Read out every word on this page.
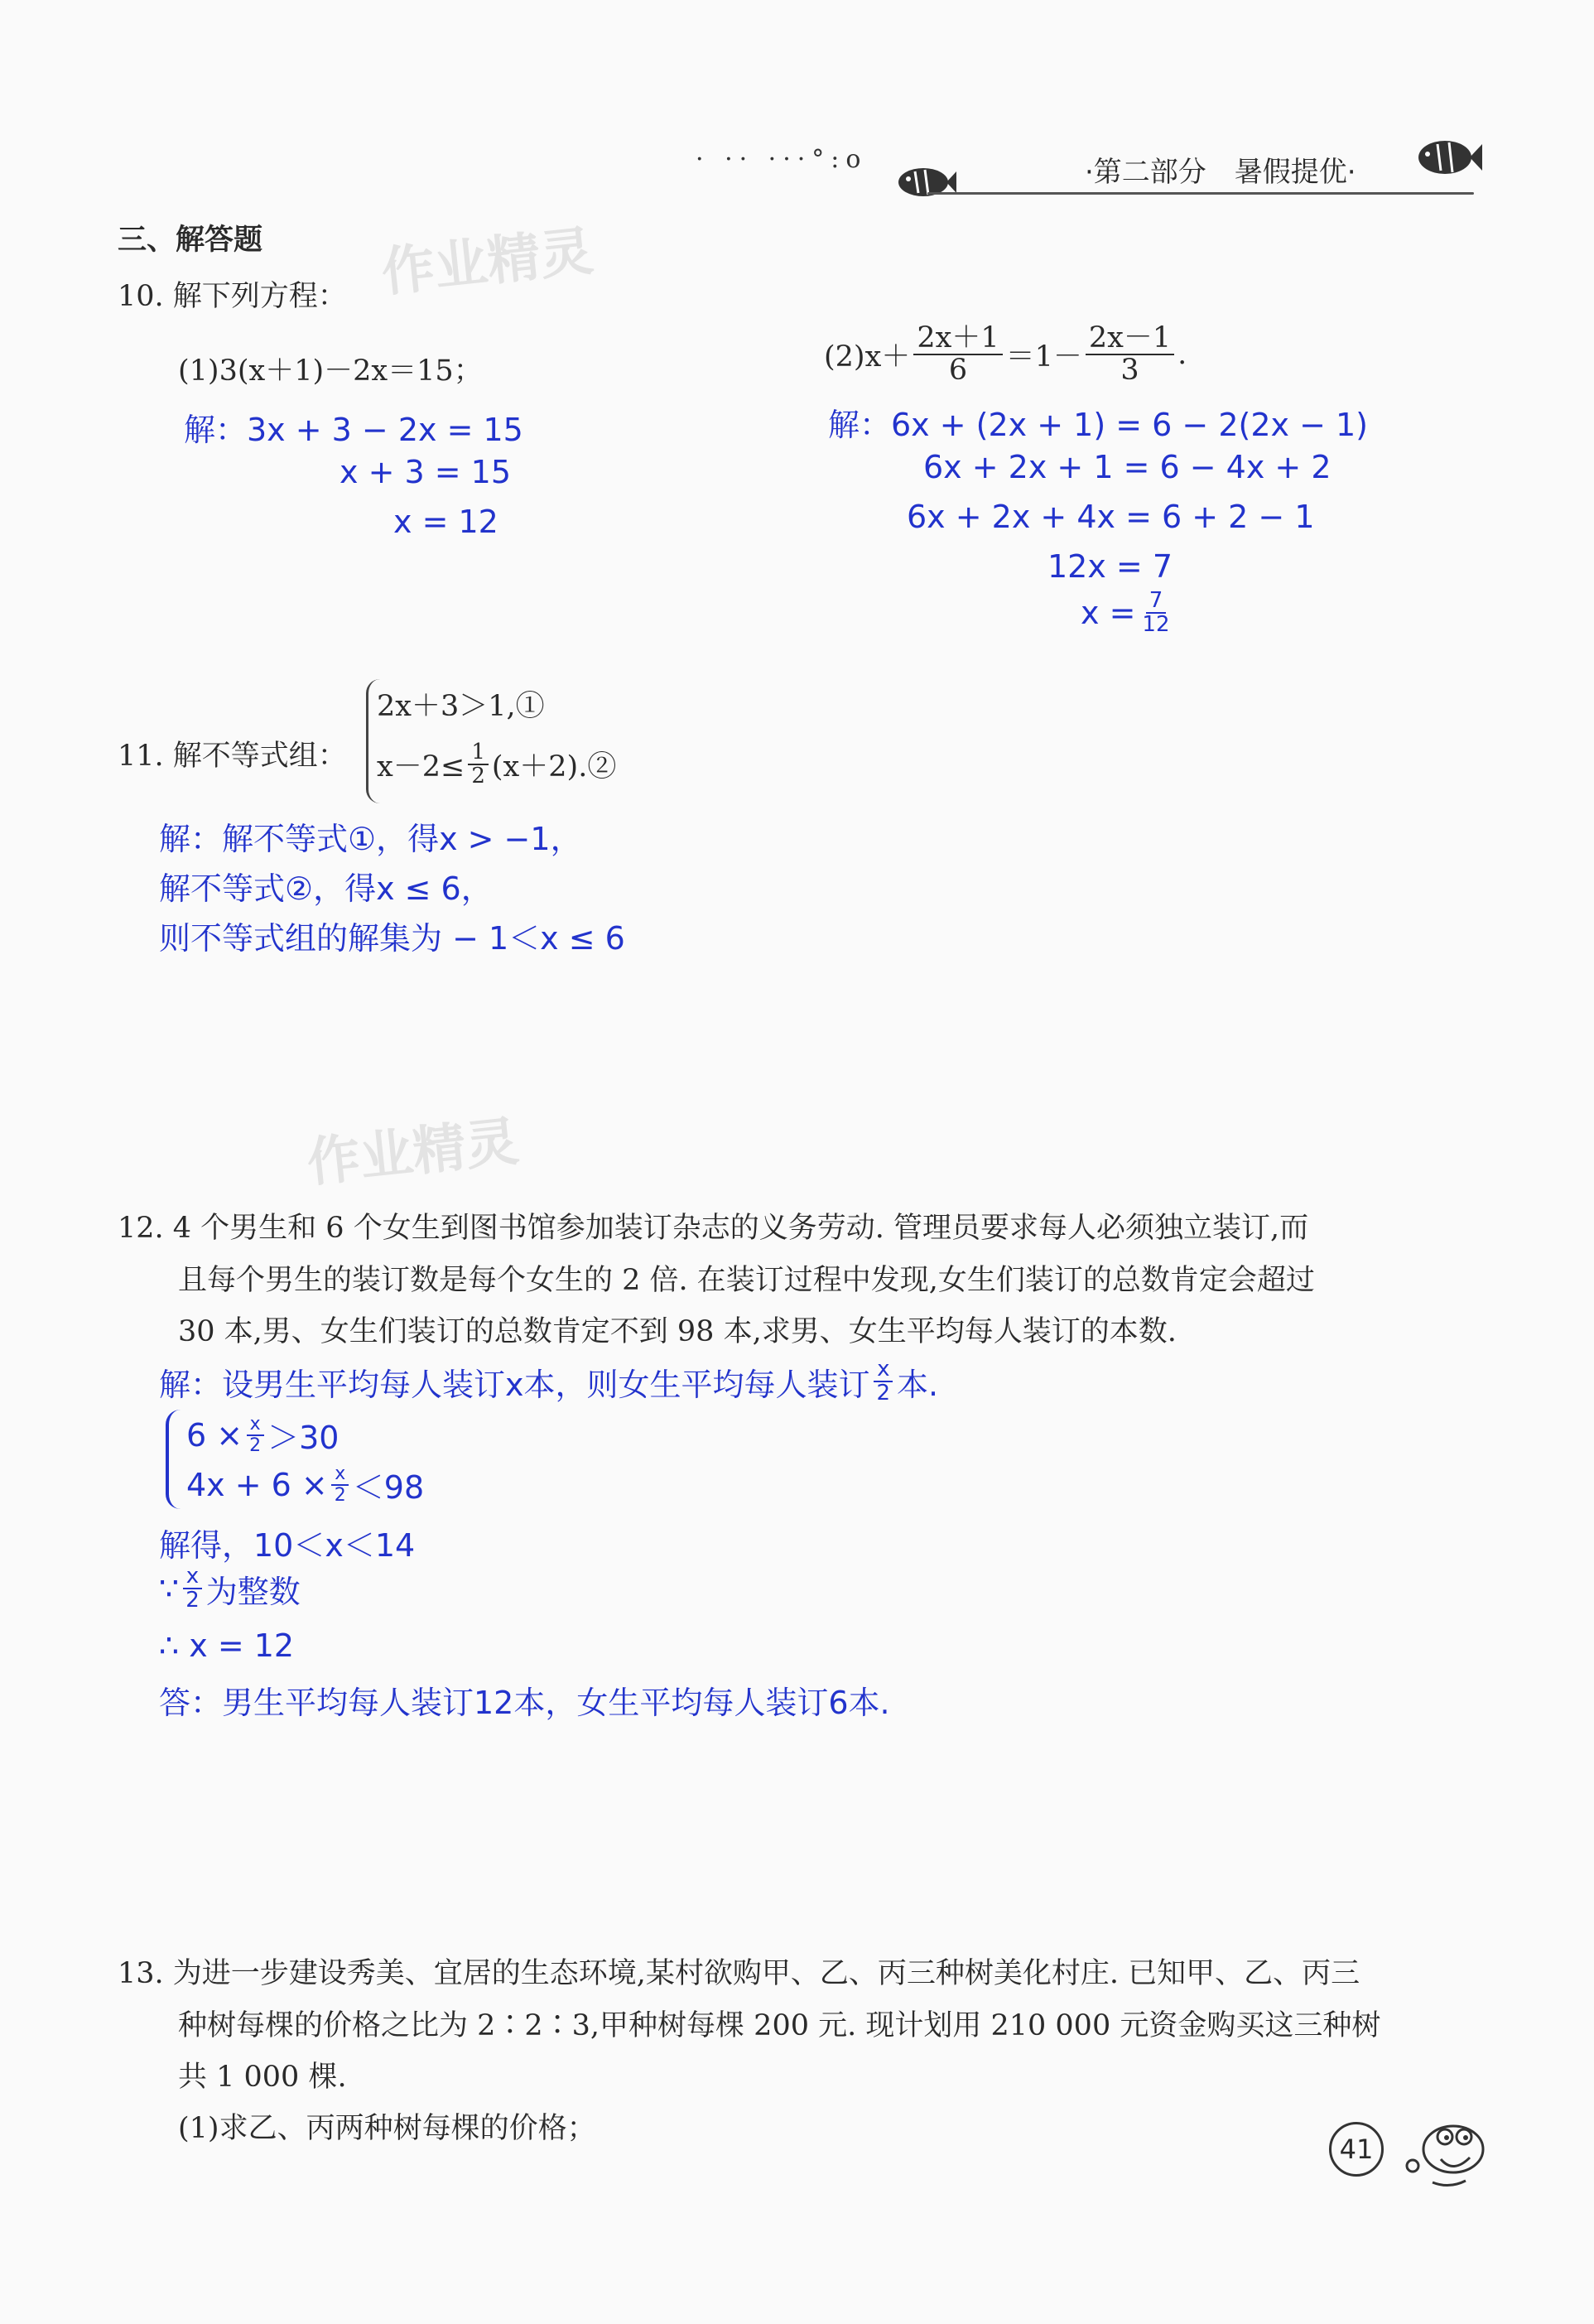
· ·· ···°:o	·第二部分　暑假提优·
作业精灵
作业精灵
三、解答题
10. 解下列方程：
(1)3(x＋1)－2x＝15；
解：3x + 3 − 2x = 15
x + 3 = 15
x = 12
$(2)x+ \frac{2x+1}{6} =1- \frac{2x-1}{3}$ .
解：6x + (2x + 1) = 6 − 2(2x − 1)
6x + 2x + 1 = 6 − 4x + 2
6x + 2x + 4x = 6 + 2 − 1
12x = 7
$x = \frac{7}{12}$
11. 解不等式组：
2x＋3＞1,①
$x-2\le \frac{1}{2}$ (x＋2).②
解：解不等式①，得x > −1，
解不等式②，得x ≤ 6，
则不等式组的解集为 − 1＜x ≤ 6
12. 4 个男生和 6 个女生到图书馆参加装订杂志的义务劳动. 管理员要求每人必须独立装订,而
且每个男生的装订数是每个女生的 2 倍. 在装订过程中发现,女生们装订的总数肯定会超过
30 本,男、女生们装订的总数肯定不到 98 本,求男、女生平均每人装订的本数.
解：设男生平均每人装订x本，则女生平均每人装订 $\frac{x}{2}$ 本.
$6 \times \frac{x}{2} >30$
$4x + 6 \times \frac{x}{2} <98$
解得，10＜x＜14
∵ $\frac{x}{2}$ 为整数
∴ x = 12
答：男生平均每人装订12本，女生平均每人装订6本.
13. 为进一步建设秀美、宜居的生态环境,某村欲购甲、乙、丙三种树美化村庄. 已知甲、乙、丙三
种树每棵的价格之比为 2∶2∶3,甲种树每棵 200 元. 现计划用 210 000 元资金购买这三种树
共 1 000 棵.
(1)求乙、丙两种树每棵的价格；
41
